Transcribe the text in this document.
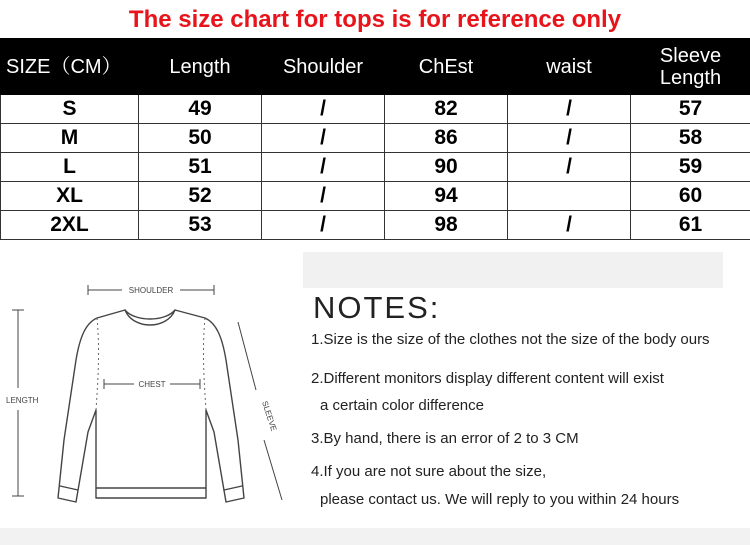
The size chart for tops is for reference only
SIZE（CM）	Length	Shoulder	ChEst	waist	Sleeve
Length
S	49	/	82	/	57
M	50	/	86	/	58
L	51	/	90	/	59
XL	52	/	94		60
2XL	53	/	98	/	61
SHOULDER
CHEST
LENGTH	SLEEVE
NOTES:
1.Size is the size of the clothes not the size of the body ours
2.Different monitors display different content will exist
a certain color difference
3.By hand, there is an error of 2 to 3 CM
4.If you are not sure about the size,
please contact us. We will reply to you within 24 hours
